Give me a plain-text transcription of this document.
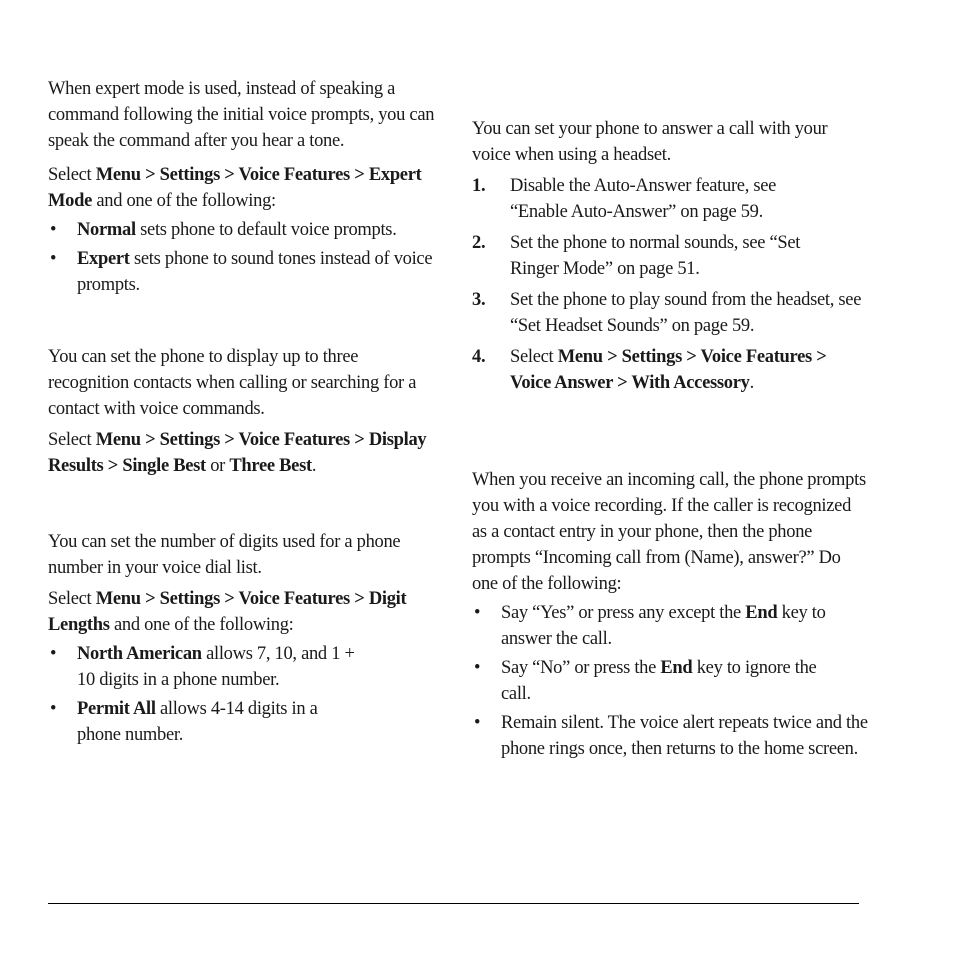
When expert mode is used, instead of speaking a command following the initial voice prompts, you can speak the command after you hear a tone.

Select Menu > Settings > Voice Features > Expert Mode and one of the following:

• Normal sets phone to default voice prompts.

• Expert sets phone to sound tones instead of voice prompts.

You can set the phone to display up to three recognition contacts when calling or searching for a contact with voice commands.

Select Menu > Settings > Voice Features > Display Results > Single Best or Three Best.

You can set the number of digits used for a phone number in your voice dial list.

Select Menu > Settings > Voice Features > Digit Lengths and one of the following:

• North American allows 7, 10, and 1 + 10 digits in a phone number.

• Permit All allows 4-14 digits in a phone number.

You can set your phone to answer a call with your voice when using a headset.

1. Disable the Auto-Answer feature, see “Enable Auto-Answer” on page 59.

2. Set the phone to normal sounds, see “Set Ringer Mode” on page 51.

3. Set the phone to play sound from the headset, see “Set Headset Sounds” on page 59.

4. Select Menu > Settings > Voice Features > Voice Answer > With Accessory.

When you receive an incoming call, the phone prompts you with a voice recording. If the caller is recognized as a contact entry in your phone, then the phone prompts “Incoming call from (Name), answer?” Do one of the following:

• Say “Yes” or press any except the End key to answer the call.

• Say “No” or press the End key to ignore the call.

• Remain silent. The voice alert repeats twice and the phone rings once, then returns to the home screen.
